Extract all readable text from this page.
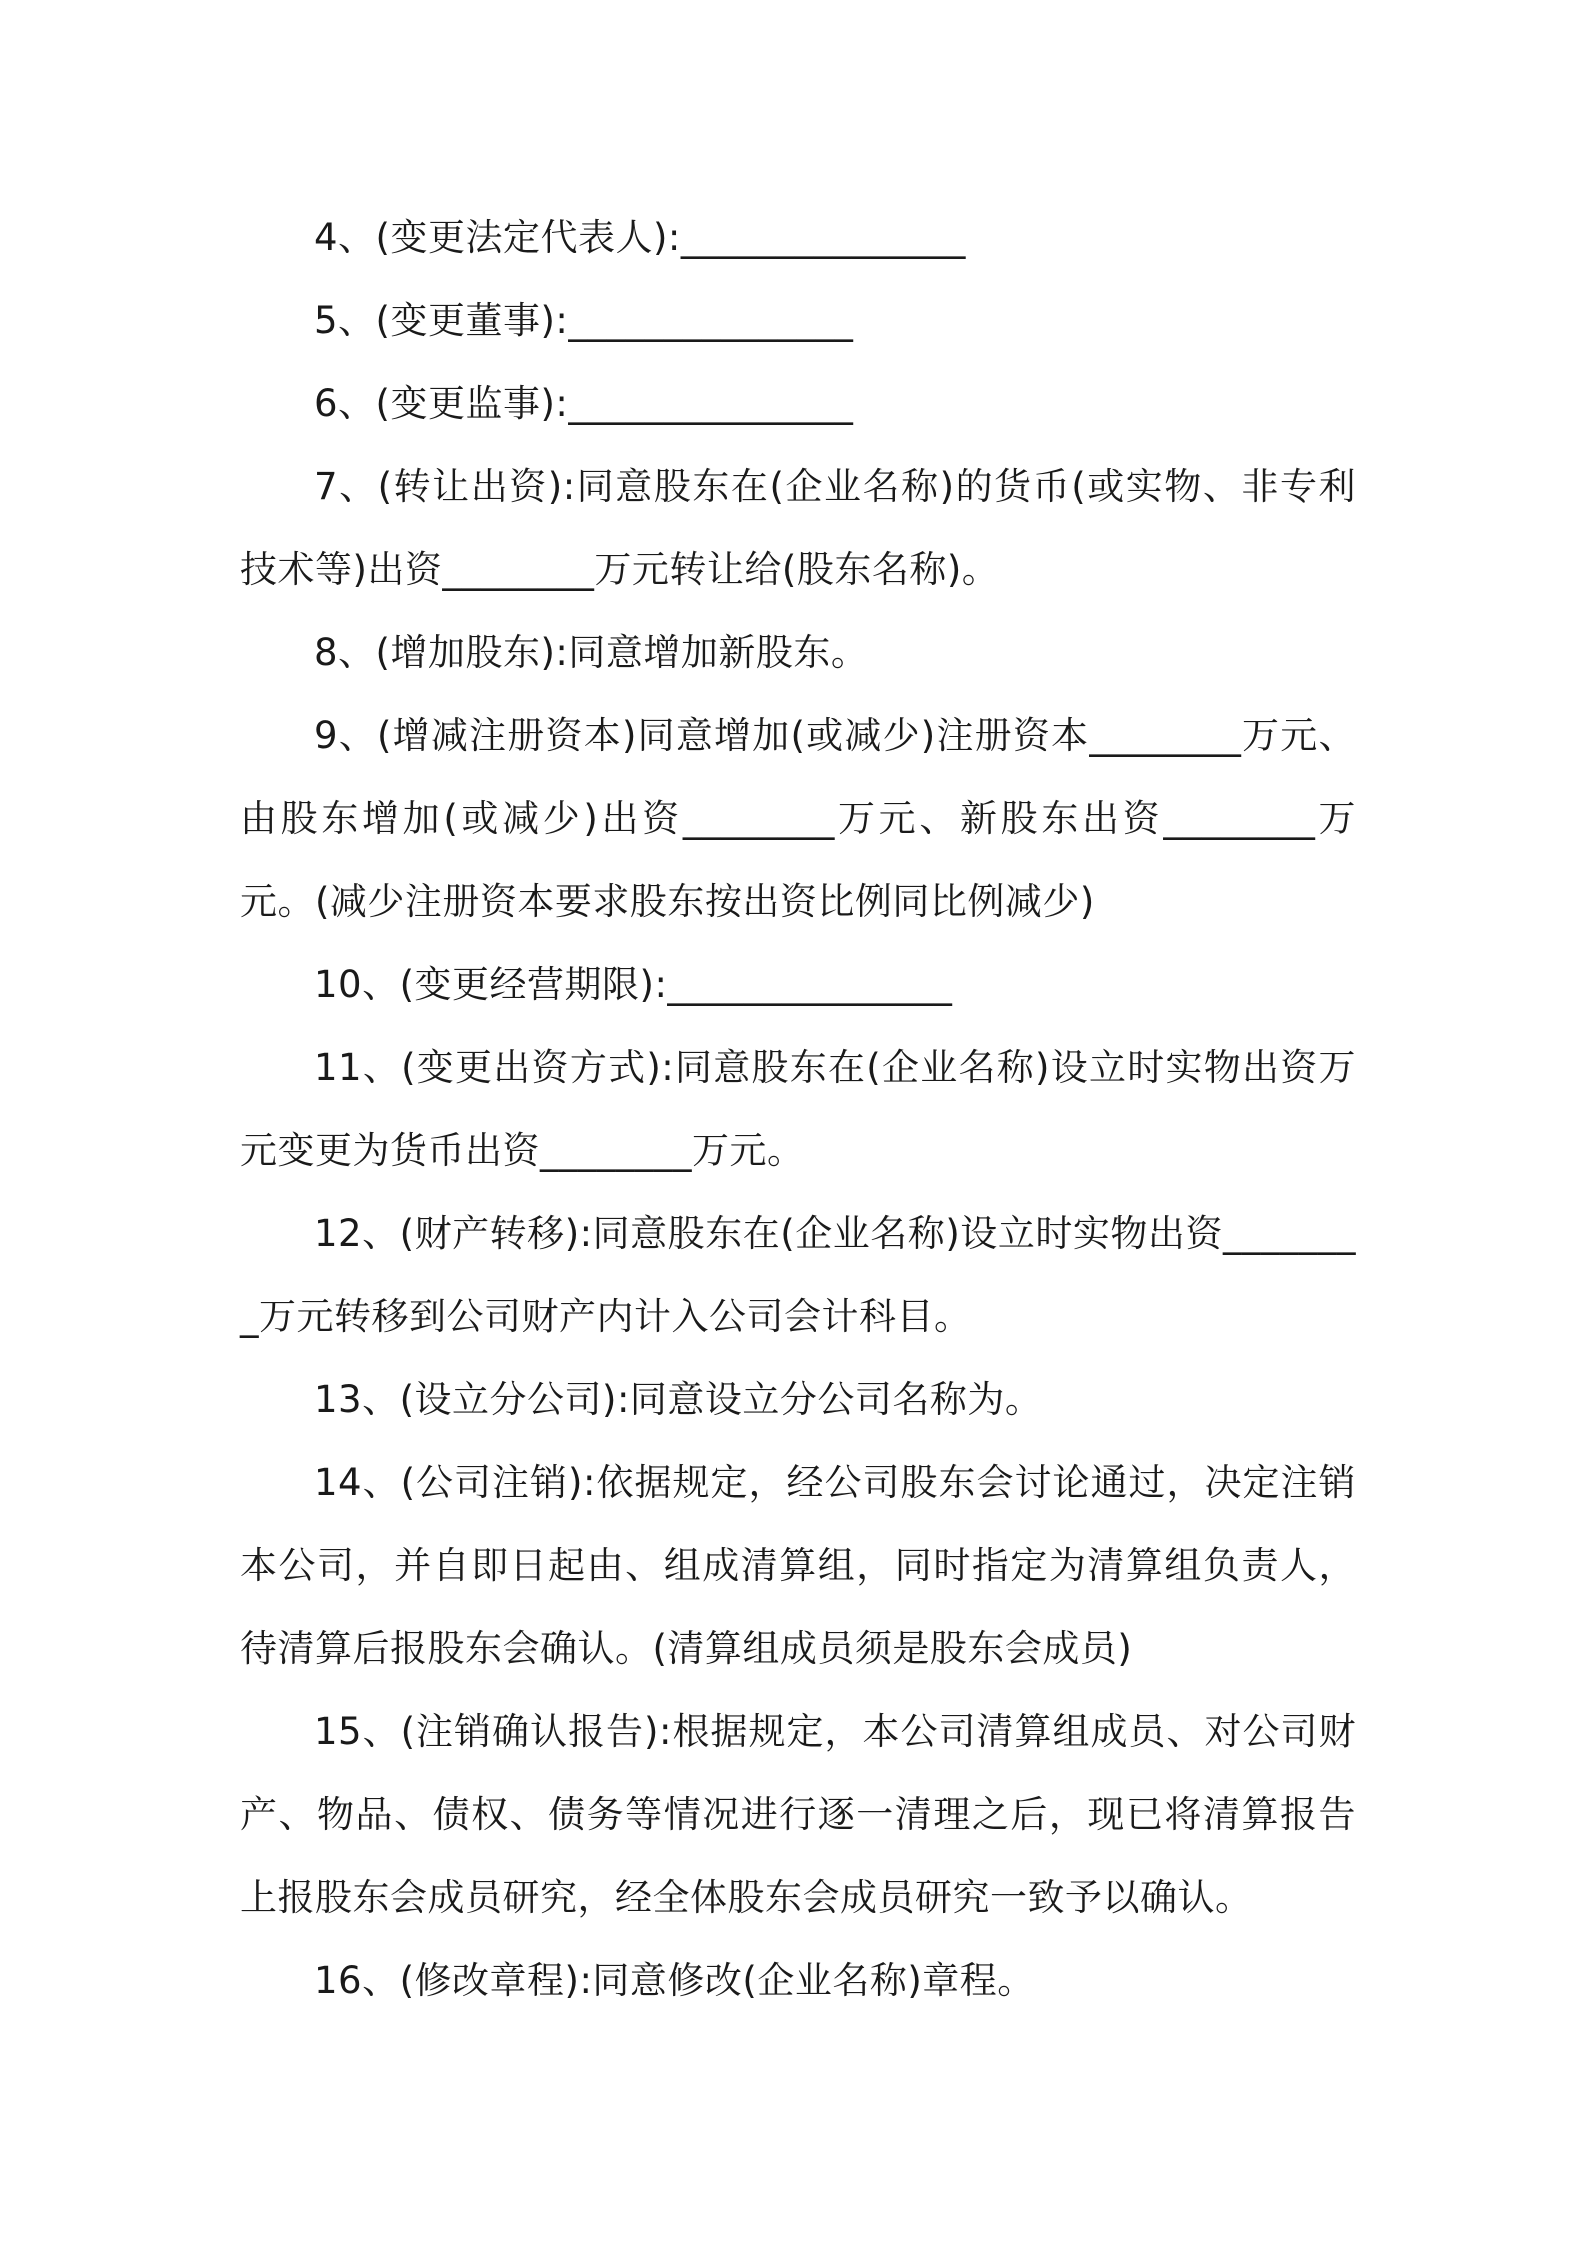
4、(变更法定代表人):_______________

5、(变更董事):_______________

6、(变更监事):_______________

7、(转让出资):同意股东在(企业名称)的货币(或实物、非专利技术等)出资________万元转让给(股东名称)。

8、(增加股东):同意增加新股东。

9、(增减注册资本)同意增加(或减少)注册资本________万元、由股东增加(或减少)出资________万元、新股东出资________万元。(减少注册资本要求股东按出资比例同比例减少)

10、(变更经营期限):_______________

11、(变更出资方式):同意股东在(企业名称)设立时实物出资万元变更为货币出资________万元。

12、(财产转移):同意股东在(企业名称)设立时实物出资________万元转移到公司财产内计入公司会计科目。

13、(设立分公司):同意设立分公司名称为。

14、(公司注销):依据规定，经公司股东会讨论通过，决定注销本公司，并自即日起由、组成清算组，同时指定为清算组负责人，待清算后报股东会确认。(清算组成员须是股东会成员)

15、(注销确认报告):根据规定，本公司清算组成员、对公司财产、物品、债权、债务等情况进行逐一清理之后，现已将清算报告上报股东会成员研究，经全体股东会成员研究一致予以确认。

16、(修改章程):同意修改(企业名称)章程。
